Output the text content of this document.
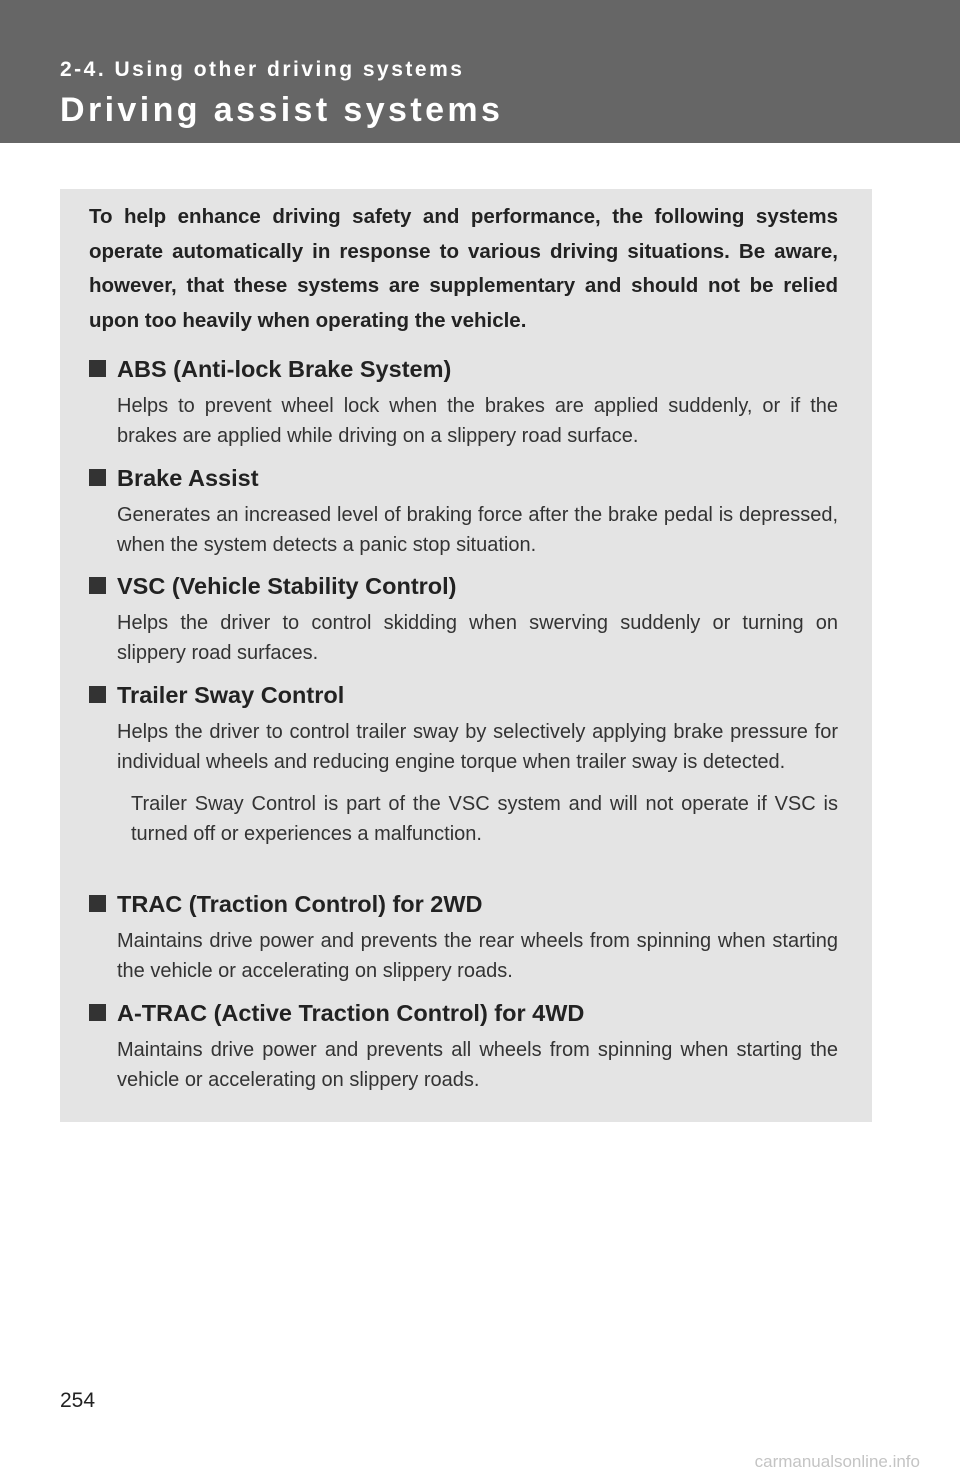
2-4. Using other driving systems
Driving assist systems
To help enhance driving safety and performance, the following systems operate automatically in response to various driving situations. Be aware, however, that these systems are supplementary and should not be relied upon too heavily when operating the vehicle.
ABS (Anti-lock Brake System)
Helps to prevent wheel lock when the brakes are applied suddenly, or if the brakes are applied while driving on a slippery road surface.
Brake Assist
Generates an increased level of braking force after the brake pedal is depressed, when the system detects a panic stop situation.
VSC (Vehicle Stability Control)
Helps the driver to control skidding when swerving suddenly or turning on slippery road surfaces.
Trailer Sway Control
Helps the driver to control trailer sway by selectively applying brake pressure for individual wheels and reducing engine torque when trailer sway is detected.
Trailer Sway Control is part of the VSC system and will not operate if VSC is turned off or experiences a malfunction.
TRAC (Traction Control) for 2WD
Maintains drive power and prevents the rear wheels from spinning when starting the vehicle or accelerating on slippery roads.
A-TRAC (Active Traction Control) for 4WD
Maintains drive power and prevents all wheels from spinning when starting the vehicle or accelerating on slippery roads.
254
carmanualsonline.info
